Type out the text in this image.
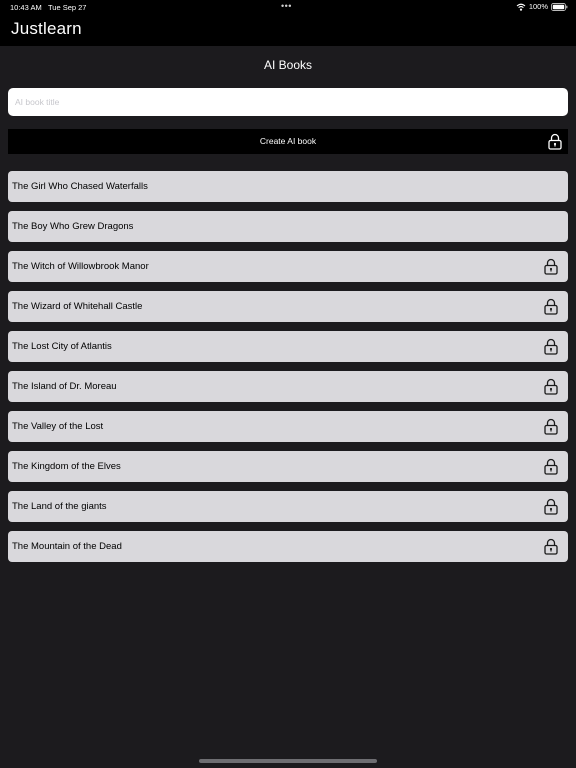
10:43 AM Tue Sep 27	•••	100%
Justlearn
AI Books
AI book title
Create AI book
The Girl Who Chased Waterfalls
The Boy Who Grew Dragons
The Witch of Willowbrook Manor
The Wizard of Whitehall Castle
The Lost City of Atlantis
The Island of Dr. Moreau
The Valley of the Lost
The Kingdom of the Elves
The Land of the giants
The Mountain of the Dead
